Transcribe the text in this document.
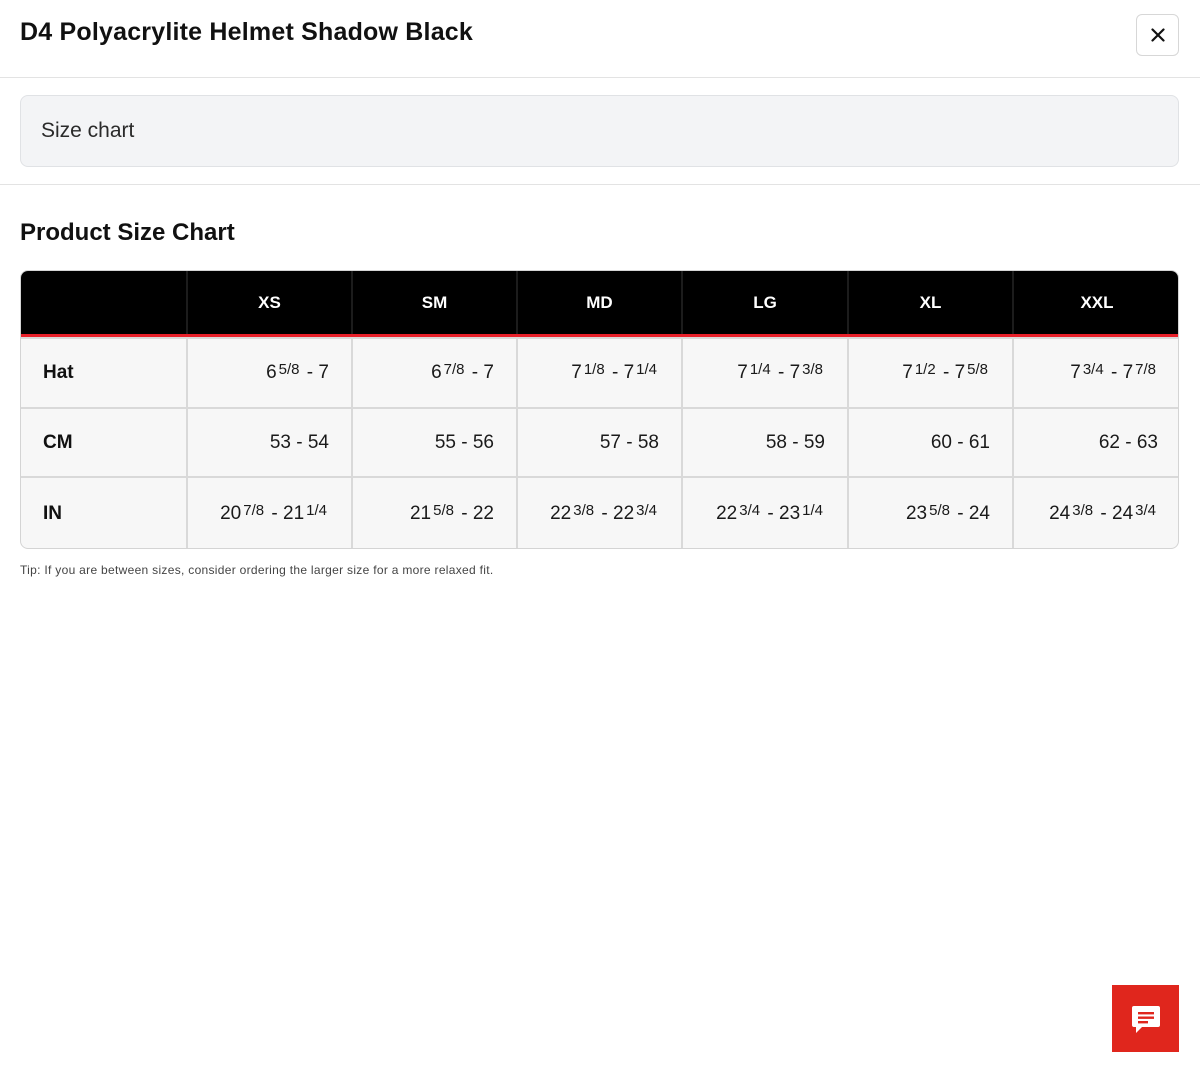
D4 Polyacrylite Helmet Shadow Black
Size chart
Product Size Chart
XS	SM	MD	LG	XL	XXL
Hat	$6^{5/8} - 7$	$6^{7/8} - 7$	$7^{1/8} - 7^{1/4}$	$7^{1/4} - 7^{3/8}$	$7^{1/2} - 7^{5/8}$	$7^{3/4} - 7^{7/8}$
CM	53 - 54	55 - 56	57 - 58	58 - 59	60 - 61	62 - 63
IN	$20^{7/8} - 21^{1/4}$	$21^{5/8} - 22$	$22^{3/8} - 22^{3/4}$	$22^{3/4} - 23^{1/4}$	$23^{5/8} - 24$	$24^{3/8} - 24^{3/4}$

Tip: If you are between sizes, consider ordering the larger size for a more relaxed fit.
